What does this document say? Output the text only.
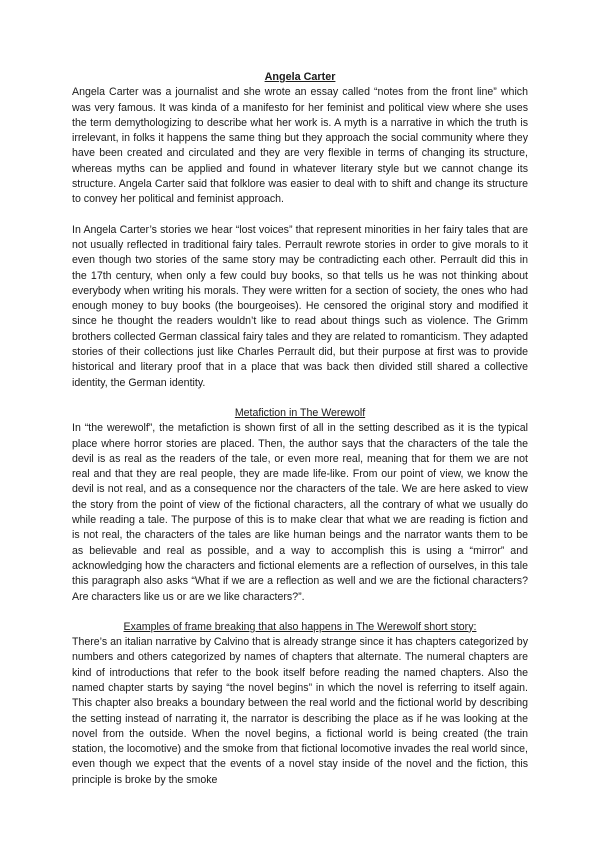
Angela Carter

Angela Carter was a journalist and she wrote an essay called “notes from the front line” which was very famous. It was kinda of a manifesto for her feminist and political view where she uses the term demythologizing to describe what her work is. A myth is a narrative in which the truth is irrelevant, in folks it happens the same thing but they approach the social community where they have been created and circulated and they are very flexible in terms of changing its structure, whereas myths can be applied and found in whatever literary style but we cannot change its structure. Angela Carter said that folklore was easier to deal with to shift and change its structure to convey her political and feminist approach.

In Angela Carter’s stories we hear “lost voices” that represent minorities in her fairy tales that are not usually reflected in traditional fairy tales. Perrault rewrote stories in order to give morals to it even though two stories of the same story may be contradicting each other. Perrault did this in the 17th century, when only a few could buy books, so that tells us he was not thinking about everybody when writing his morals. They were written for a section of society, the ones who had enough money to buy books (the bourgeoises). He censored the original story and modified it since he thought the readers wouldn’t like to read about things such as violence. The Grimm brothers collected German classical fairy tales and they are related to romanticism. They adapted stories of their collections just like Charles Perrault did, but their purpose at first was to provide historical and literary proof that in a place that was back then divided still shared a collective identity, the German identity.

Metafiction in The Werewolf

In “the werewolf”, the metafiction is shown first of all in the setting described as it is the typical place where horror stories are placed. Then, the author says that the characters of the tale the devil is as real as the readers of the tale, or even more real, meaning that for them we are not real and that they are real people, they are made life-like. From our point of view, we know the devil is not real, and as a consequence nor the characters of the tale. We are here asked to view the story from the point of view of the fictional characters, all the contrary of what we usually do while reading a tale. The purpose of this is to make clear that what we are reading is fiction and is not real, the characters of the tales are like human beings and the narrator wants them to be as believable and real as possible, and a way to accomplish this is using a “mirror” and acknowledging how the characters and fictional elements are a reflection of ourselves, in this tale this paragraph also asks “What if we are a reflection as well and we are the fictional characters? Are characters like us or are we like characters?”.

Examples of frame breaking that also happens in The Werewolf short story:

There’s an italian narrative by Calvino that is already strange since it has chapters categorized by numbers and others categorized by names of chapters that alternate. The numeral chapters are kind of introductions that refer to the book itself before reading the named chapters. Also the named chapter starts by saying “the novel begins” in which the novel is referring to itself again. This chapter also breaks a boundary between the real world and the fictional world by describing the setting instead of narrating it, the narrator is describing the place as if he was looking at the novel from the outside. When the novel begins, a fictional world is being created (the train station, the locomotive) and the smoke from that fictional locomotive invades the real world since, even though we expect that the events of a novel stay inside of the novel and the fiction, this principle is broke by the smoke
